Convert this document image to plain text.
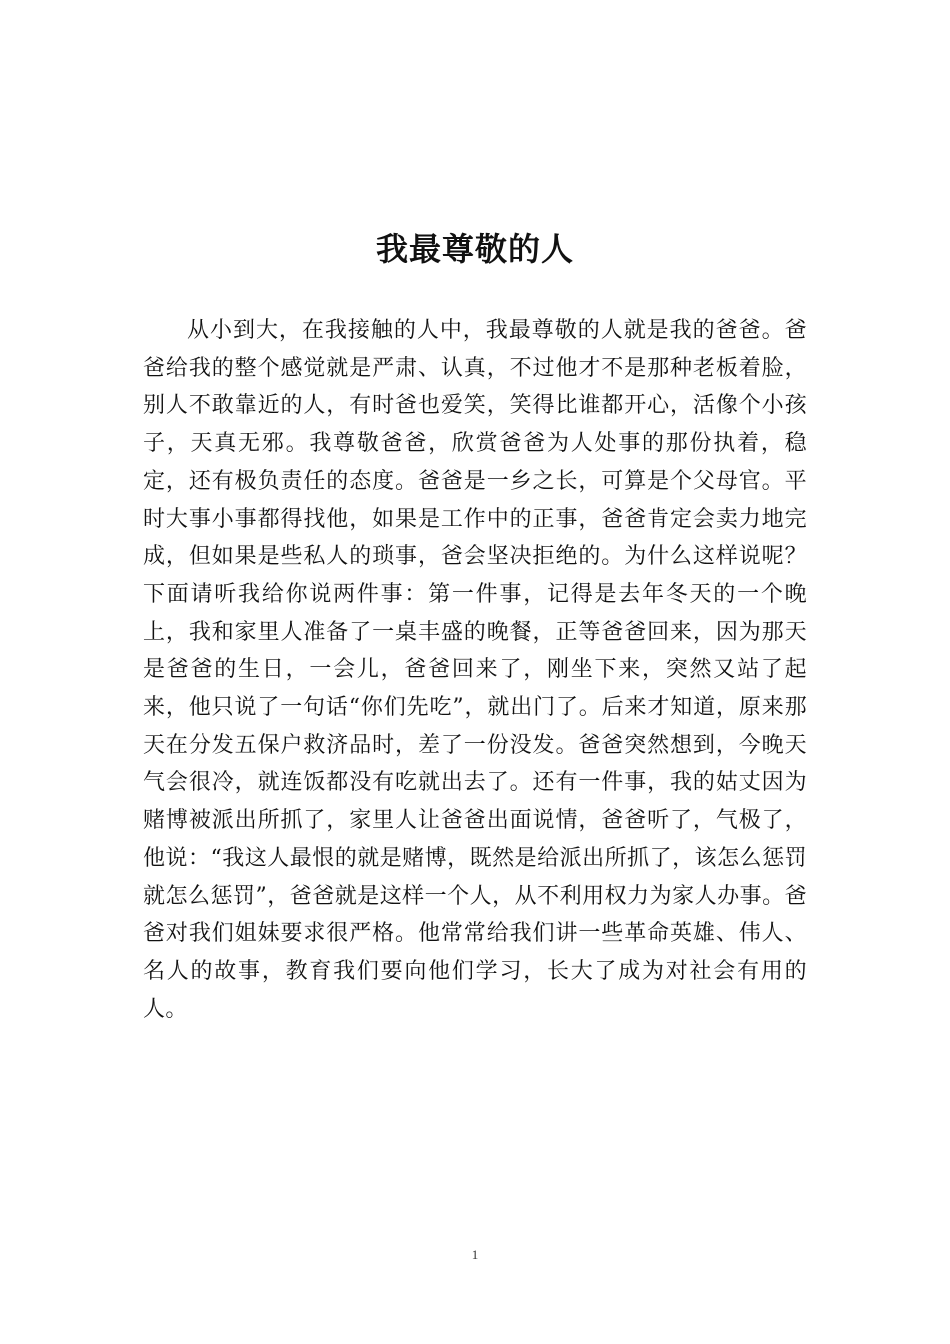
我最尊敬的人

从小到大，在我接触的人中，我最尊敬的人就是我的爸爸。爸爸给我的整个感觉就是严肃、认真，不过他才不是那种老板着脸，别人不敢靠近的人，有时爸也爱笑，笑得比谁都开心，活像个小孩子，天真无邪。我尊敬爸爸，欣赏爸爸为人处事的那份执着，稳定，还有极负责任的态度。爸爸是一乡之长，可算是个父母官。平时大事小事都得找他，如果是工作中的正事，爸爸肯定会卖力地完成，但如果是些私人的琐事，爸会坚决拒绝的。为什么这样说呢？下面请听我给你说两件事：第一件事，记得是去年冬天的一个晚上，我和家里人准备了一桌丰盛的晚餐，正等爸爸回来，因为那天是爸爸的生日，一会儿，爸爸回来了，刚坐下来，突然又站了起来，他只说了一句话“你们先吃”，就出门了。后来才知道，原来那天在分发五保户救济品时，差了一份没发。爸爸突然想到，今晚天气会很冷，就连饭都没有吃就出去了。还有一件事，我的姑丈因为赌博被派出所抓了，家里人让爸爸出面说情，爸爸听了，气极了，他说：“我这人最恨的就是赌博，既然是给派出所抓了，该怎么惩罚就怎么惩罚”，爸爸就是这样一个人，从不利用权力为家人办事。爸爸对我们姐妹要求很严格。他常常给我们讲一些革命英雄、伟人、名人的故事，教育我们要向他们学习，长大了成为对社会有用的人。

1
